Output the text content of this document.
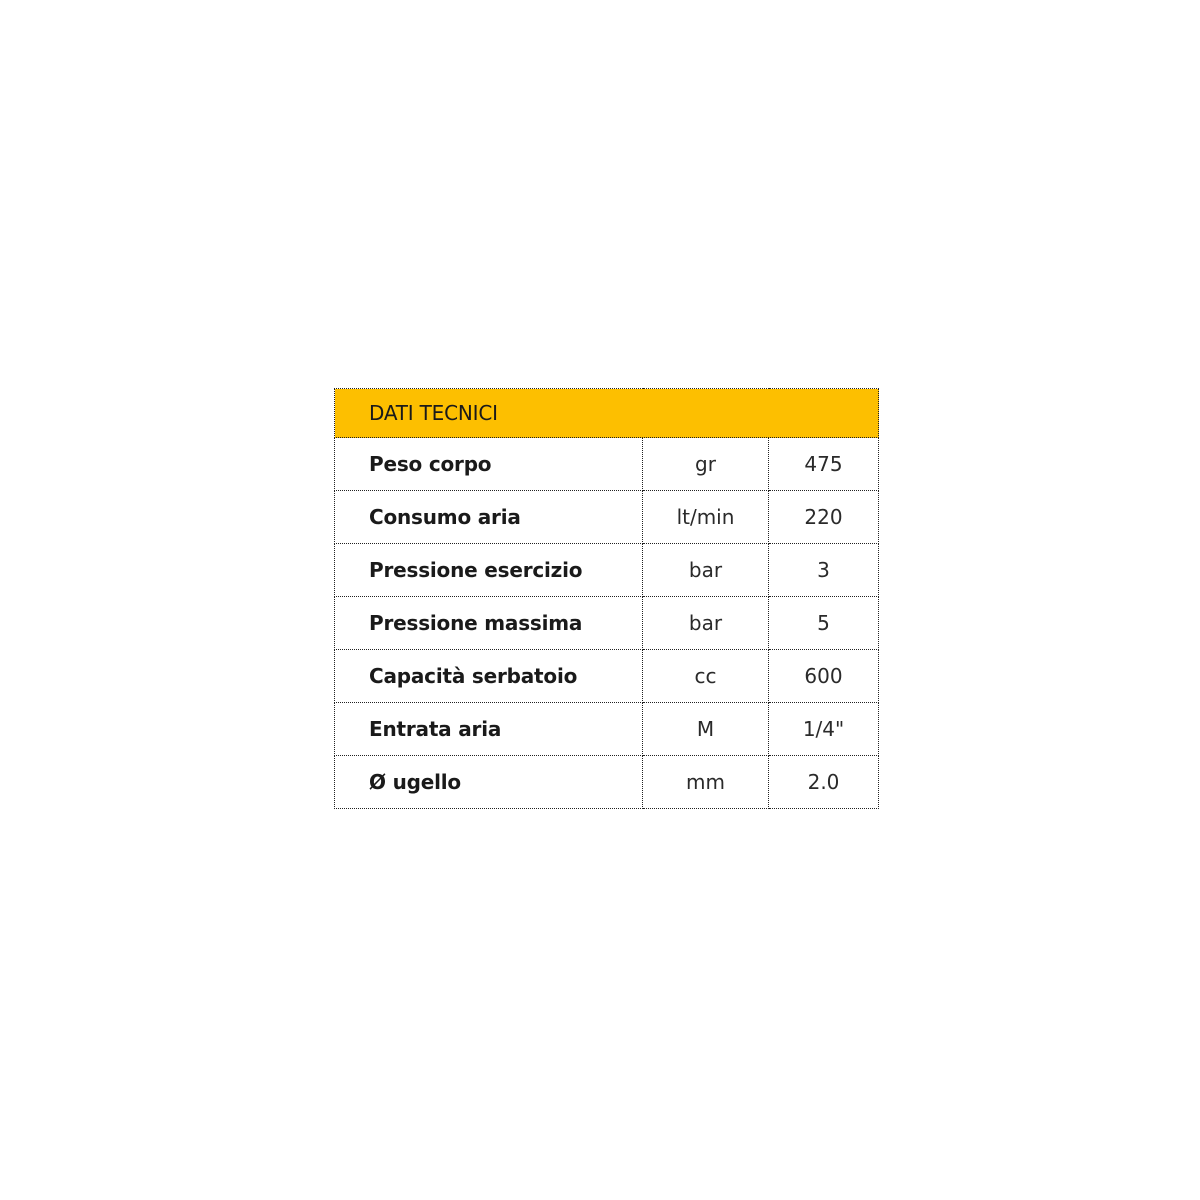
DATI TECNICI		
Peso corpo	gr	475
Consumo aria	lt/min	220
Pressione esercizio	bar	3
Pressione massima	bar	5
Capacità serbatoio	cc	600
Entrata aria	M	1/4"
Ø ugello	mm	2.0
